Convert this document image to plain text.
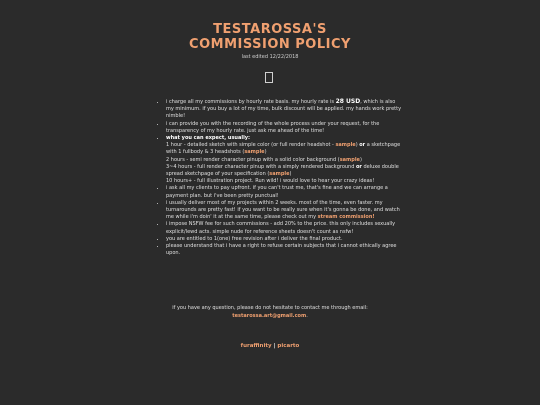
TESTAROSSA'S
COMMISSION POLICY
last edited 12/22/2018
• i charge all my commissions by hourly rate basis. my hourly rate is 28 USD, which is also my minimum. if you buy a lot of my time, bulk discount will be applied. my hands work pretty nimble!
• i can provide you with the recording of the whole process under your request, for the transparency of my hourly rate. just ask me ahead of the time!
• what you can expect, usually:
1 hour - detailed sketch with simple color (or full render headshot - sample) or a sketchpage with 1 fullbody & 3 headshots (sample)
2 hours - semi render character pinup with a solid color background (sample)
3~4 hours - full render character pinup with a simply rendered background or deluxe double spread sketchpage of your specification (sample)
10 hours+ - full illustration project. Run wild! i would love to hear your crazy ideas!
• i ask all my clients to pay upfront. if you can't trust me, that's fine and we can arrange a payment plan. but i've been pretty punctual!
• i usually deliver most of my projects within 2 weeks. most of the time, even faster. my turnarounds are pretty fast! if you want to be really sure when it's gonna be done, and watch me while i'm doin' it at the same time, please check out my stream commission!
• i impose NSFW fee for such commissions - add 20% to the price. this only includes sexually explicit/lewd acts. simple nude for reference sheets doesn't count as nsfw!
• you are entitled to 1(one) free revision after i deliver the final product.
• please understand that i have a right to refuse certain subjects that i cannot ethically agree upon.
if you have any question, please do not hesitate to contact me through email:
testarossa.art@gmail.com.
furaffinity | picarto
